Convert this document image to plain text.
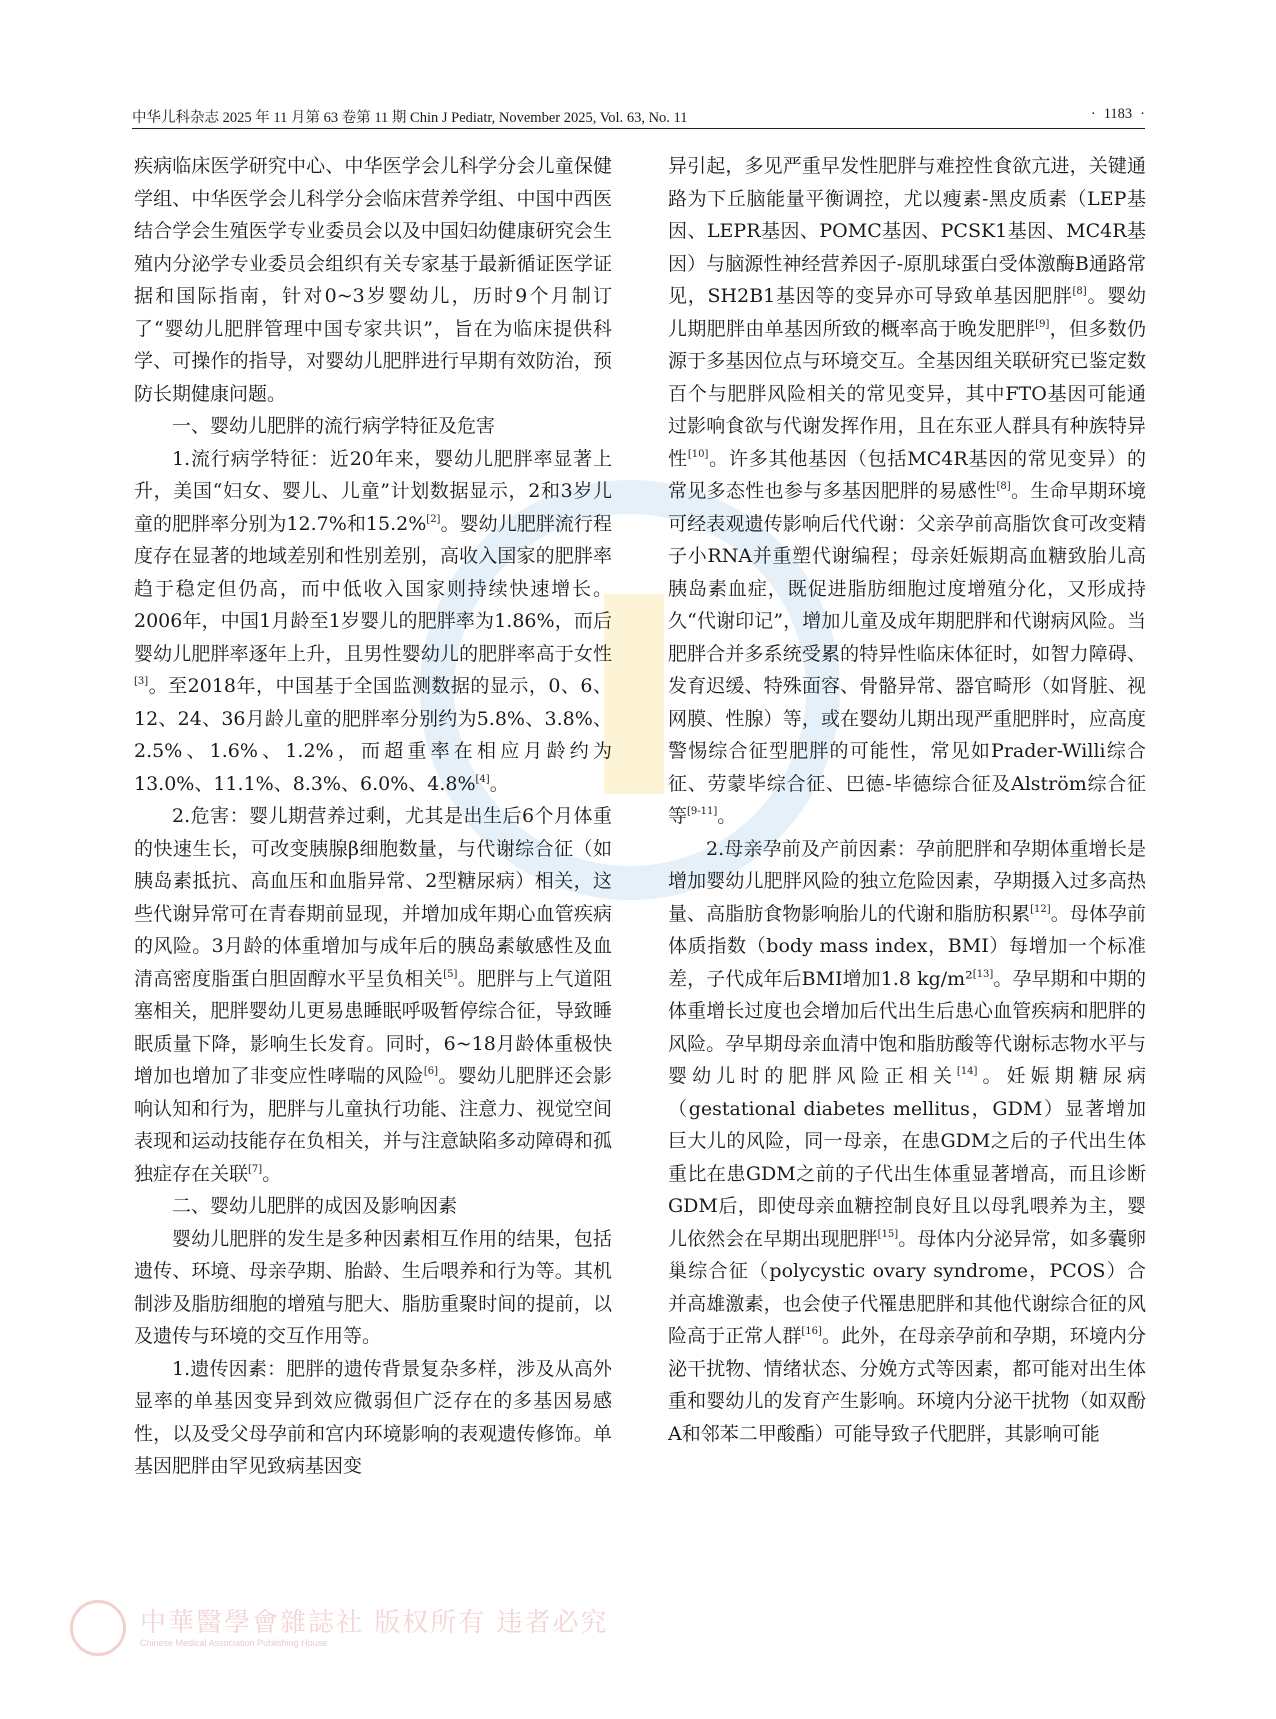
中華醫學會雜誌社 版权所有 违者必究
Chinese Medical Association Publishing House
中华儿科杂志 2025 年 11 月第 63 卷第 11 期 Chin J Pediatr, November 2025, Vol. 63, No. 11	· 1183 ·

疾病临床医学研究中心、中华医学会儿科学分会儿童保健学组、中华医学会儿科学分会临床营养学组、中国中西医结合学会生殖医学专业委员会以及中国妇幼健康研究会生殖内分泌学专业委员会组织有关专家基于最新循证医学证据和国际指南，针对0~3岁婴幼儿，历时9个月制订了“婴幼儿肥胖管理中国专家共识”，旨在为临床提供科学、可操作的指导，对婴幼儿肥胖进行早期有效防治，预防长期健康问题。

一、婴幼儿肥胖的流行病学特征及危害

1.流行病学特征：近20年来，婴幼儿肥胖率显著上升，美国“妇女、婴儿、儿童”计划数据显示，2和3岁儿童的肥胖率分别为12.7%和15.2%[2]。婴幼儿肥胖流行程度存在显著的地域差别和性别差别，高收入国家的肥胖率趋于稳定但仍高，而中低收入国家则持续快速增长。2006年，中国1月龄至1岁婴儿的肥胖率为1.86%，而后婴幼儿肥胖率逐年上升，且男性婴幼儿的肥胖率高于女性[3]。至2018年，中国基于全国监测数据的显示，0、6、12、24、36月龄儿童的肥胖率分别约为5.8%、3.8%、2.5%、1.6%、1.2%，而超重率在相应月龄约为13.0%、11.1%、8.3%、6.0%、4.8%[4]。

2.危害：婴儿期营养过剩，尤其是出生后6个月体重的快速生长，可改变胰腺β细胞数量，与代谢综合征（如胰岛素抵抗、高血压和血脂异常、2型糖尿病）相关，这些代谢异常可在青春期前显现，并增加成年期心血管疾病的风险。3月龄的体重增加与成年后的胰岛素敏感性及血清高密度脂蛋白胆固醇水平呈负相关[5]。肥胖与上气道阻塞相关，肥胖婴幼儿更易患睡眠呼吸暂停综合征，导致睡眠质量下降，影响生长发育。同时，6~18月龄体重极快增加也增加了非变应性哮喘的风险[6]。婴幼儿肥胖还会影响认知和行为，肥胖与儿童执行功能、注意力、视觉空间表现和运动技能存在负相关，并与注意缺陷多动障碍和孤独症存在关联[7]。

二、婴幼儿肥胖的成因及影响因素

婴幼儿肥胖的发生是多种因素相互作用的结果，包括遗传、环境、母亲孕期、胎龄、生后喂养和行为等。其机制涉及脂肪细胞的增殖与肥大、脂肪重聚时间的提前，以及遗传与环境的交互作用等。

1.遗传因素：肥胖的遗传背景复杂多样，涉及从高外显率的单基因变异到效应微弱但广泛存在的多基因易感性，以及受父母孕前和宫内环境影响的表观遗传修饰。单基因肥胖由罕见致病基因变

异引起，多见严重早发性肥胖与难控性食欲亢进，关键通路为下丘脑能量平衡调控，尤以瘦素-黑皮质素（LEP基因、LEPR基因、POMC基因、PCSK1基因、MC4R基因）与脑源性神经营养因子-原肌球蛋白受体激酶B通路常见，SH2B1基因等的变异亦可导致单基因肥胖[8]。婴幼儿期肥胖由单基因所致的概率高于晚发肥胖[9]，但多数仍源于多基因位点与环境交互。全基因组关联研究已鉴定数百个与肥胖风险相关的常见变异，其中FTO基因可能通过影响食欲与代谢发挥作用，且在东亚人群具有种族特异性[10]。许多其他基因（包括MC4R基因的常见变异）的常见多态性也参与多基因肥胖的易感性[8]。生命早期环境可经表观遗传影响后代代谢：父亲孕前高脂饮食可改变精子小RNA并重塑代谢编程；母亲妊娠期高血糖致胎儿高胰岛素血症，既促进脂肪细胞过度增殖分化，又形成持久“代谢印记”，增加儿童及成年期肥胖和代谢病风险。当肥胖合并多系统受累的特异性临床体征时，如智力障碍、发育迟缓、特殊面容、骨骼异常、器官畸形（如肾脏、视网膜、性腺）等，或在婴幼儿期出现严重肥胖时，应高度警惕综合征型肥胖的可能性，常见如Prader-Willi综合征、劳蒙毕综合征、巴德-毕德综合征及Alström综合征等[9-11]。

2.母亲孕前及产前因素：孕前肥胖和孕期体重增长是增加婴幼儿肥胖风险的独立危险因素，孕期摄入过多高热量、高脂肪食物影响胎儿的代谢和脂肪积累[12]。母体孕前体质指数（body mass index，BMI）每增加一个标准差，子代成年后BMI增加1.8 kg/m²[13]。孕早期和中期的体重增长过度也会增加后代出生后患心血管疾病和肥胖的风险。孕早期母亲血清中饱和脂肪酸等代谢标志物水平与婴幼儿时的肥胖风险正相关[14]。妊娠期糖尿病（gestational diabetes mellitus，GDM）显著增加巨大儿的风险，同一母亲，在患GDM之后的子代出生体重比在患GDM之前的子代出生体重显著增高，而且诊断GDM后，即使母亲血糖控制良好且以母乳喂养为主，婴儿依然会在早期出现肥胖[15]。母体内分泌异常，如多囊卵巢综合征（polycystic ovary syndrome，PCOS）合并高雄激素，也会使子代罹患肥胖和其他代谢综合征的风险高于正常人群[16]。此外，在母亲孕前和孕期，环境内分泌干扰物、情绪状态、分娩方式等因素，都可能对出生体重和婴幼儿的发育产生影响。环境内分泌干扰物（如双酚A和邻苯二甲酸酯）可能导致子代肥胖，其影响可能
